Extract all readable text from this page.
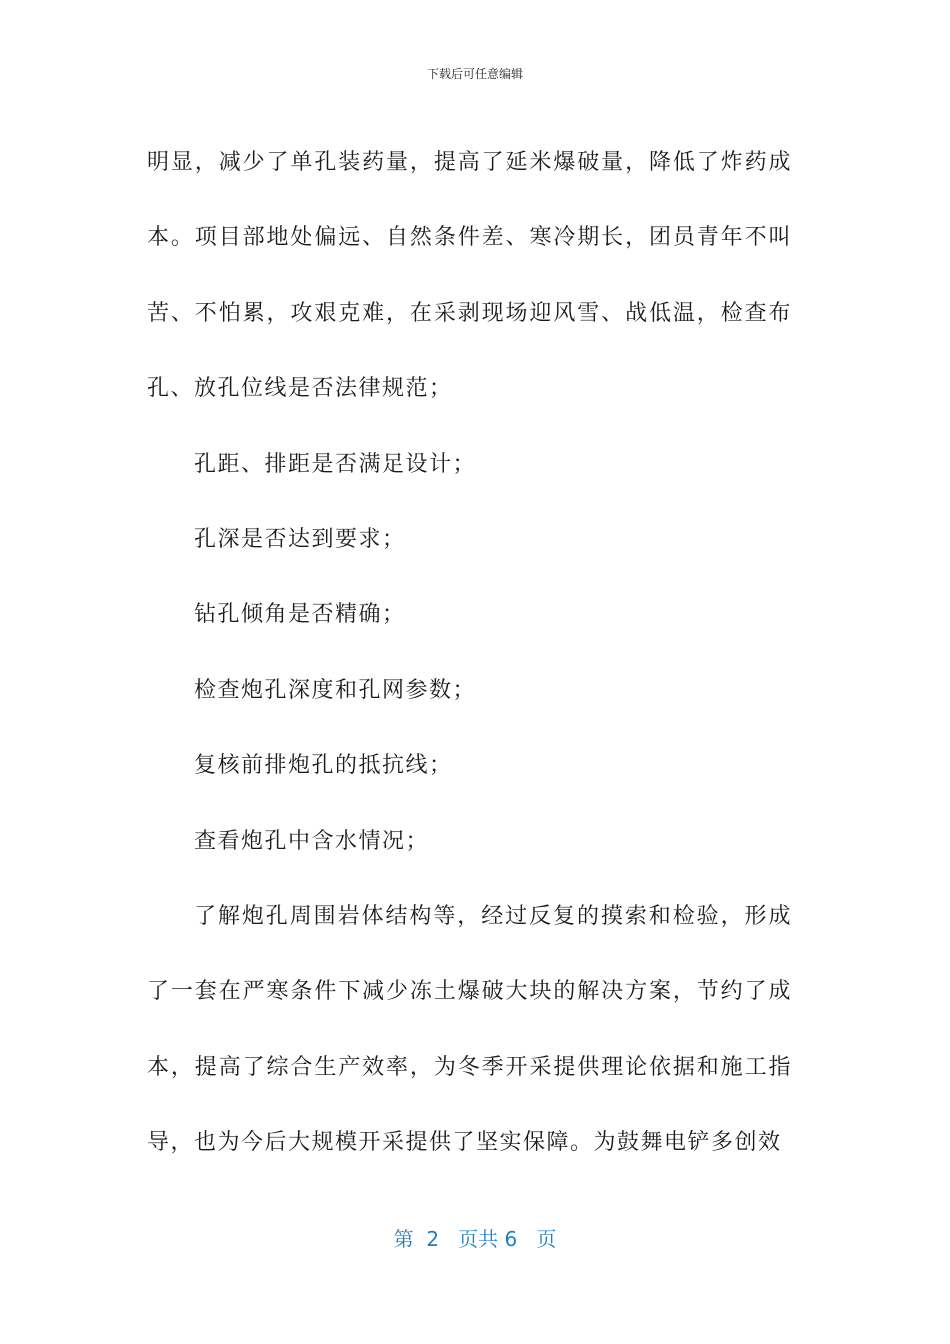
下载后可任意编辑

明显，减少了单孔装药量，提高了延米爆破量，降低了炸药成本。项目部地处偏远、自然条件差、寒冷期长，团员青年不叫苦、不怕累，攻艰克难，在采剥现场迎风雪、战低温，检查布孔、放孔位线是否法律规范；

孔距、排距是否满足设计；

孔深是否达到要求；

钻孔倾角是否精确；

检查炮孔深度和孔网参数；

复核前排炮孔的抵抗线；

查看炮孔中含水情况；

了解炮孔周围岩体结构等，经过反复的摸索和检验，形成了一套在严寒条件下减少冻土爆破大块的解决方案，节约了成本，提高了综合生产效率，为冬季开采提供理论依据和施工指导，也为今后大规模开采提供了坚实保障。为鼓舞电铲多创效

第  2   页共 6   页
